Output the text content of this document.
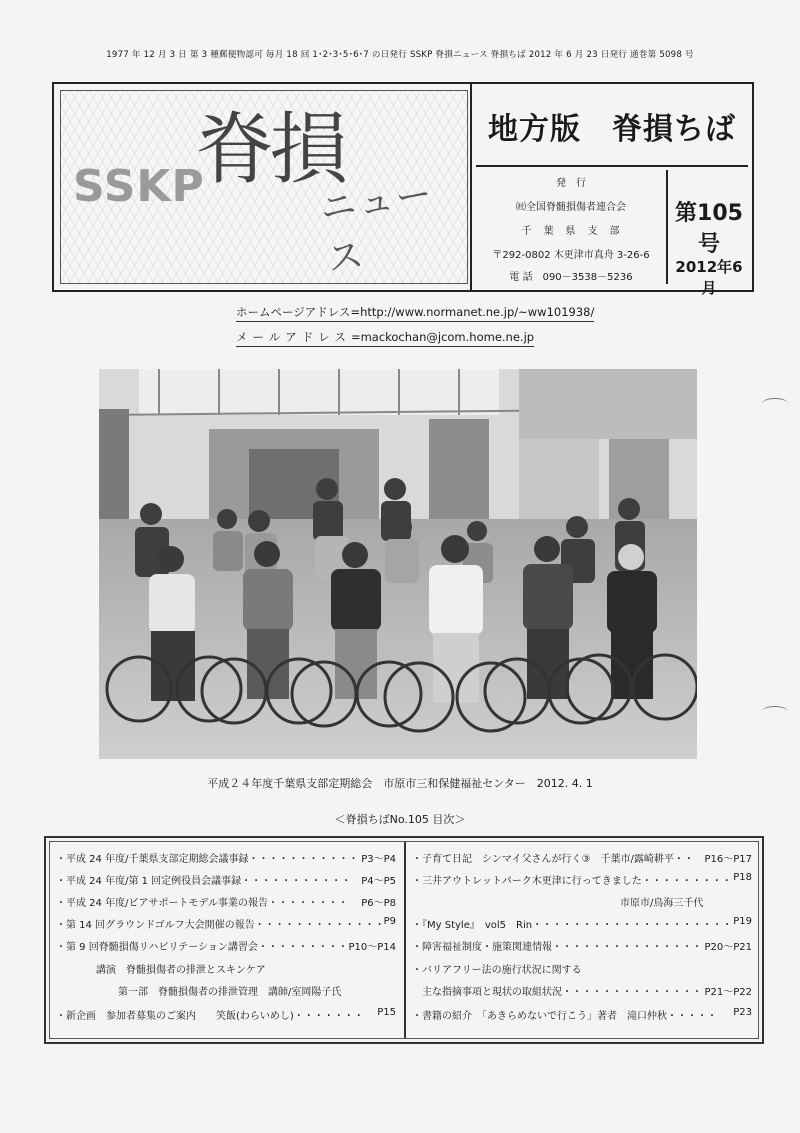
1977 年 12 月 3 日 第 3 種郵便物認可 毎月 18 回 1･2･3･5･6･7 の日発行 SSKP 脊損ニュース 脊損ちば 2012 年 6 月 23 日発行 通巻第 5098 号
SSKP
脊損
ニュース
地方版　脊損ちば
発　行
㈳全国脊髄損傷者連合会
千　葉　県　支　部
〒292-0802 木更津市真舟 3-26-6
電 話　090－3538－5236
第105号
2012年6月
ホームページアドレス=http://www.normanet.ne.jp/~ww101938/
メールアドレス=mackochan@jcom.home.ne.jp
平成２４年度千葉県支部定期総会　市原市三和保健福祉センター　2012. 4. 1
＜脊損ちばNo.105 目次＞
・平成 24 年度/千葉県支部定期総会議事録・・・・・・・・・・・ P3～P4
・平成 24 年度/第 1 回定例役員会議事録・・・・・・・・・・・ P4～P5
・平成 24 年度/ピアサポートモデル事業の報告・・・・・・・・ P6～P8
・第 14 回グラウンドゴルフ大会開催の報告・・・・・・・・・・・・・
P9
・第 9 回脊髄損傷リハビリテーション講習会・・・・・・・・・ P10～P14
講演　脊髄損傷者の排泄とスキンケア
第一部　脊髄損傷者の排泄管理　講師/室岡陽子氏
・新企画　参加者募集のご案内　　笑飯(わらいめし)・・・・・・・ P15
・子育て日記　シンマイ父さんが行く③　千葉市/露崎耕平・・ P16～P17
・三井アウトレットパーク木更津に行ってきました・・・・・・・・・ P18
市原市/鳥海三千代
・『My Style』　vol5　Rin・・・・・・・・・・・・・・・・・・・・ P19
・障害福祉制度・施策関連情報・・・・・・・・・・・・・・・ P20～P21
・バリアフリー法の施行状況に関する
　主な指摘事項と現状の取組状況・・・・・・・・・・・・・・ P21～P22
・書籍の紹介　「あきらめないで行こう」著者　滝口仲秋・・・・・ P23
